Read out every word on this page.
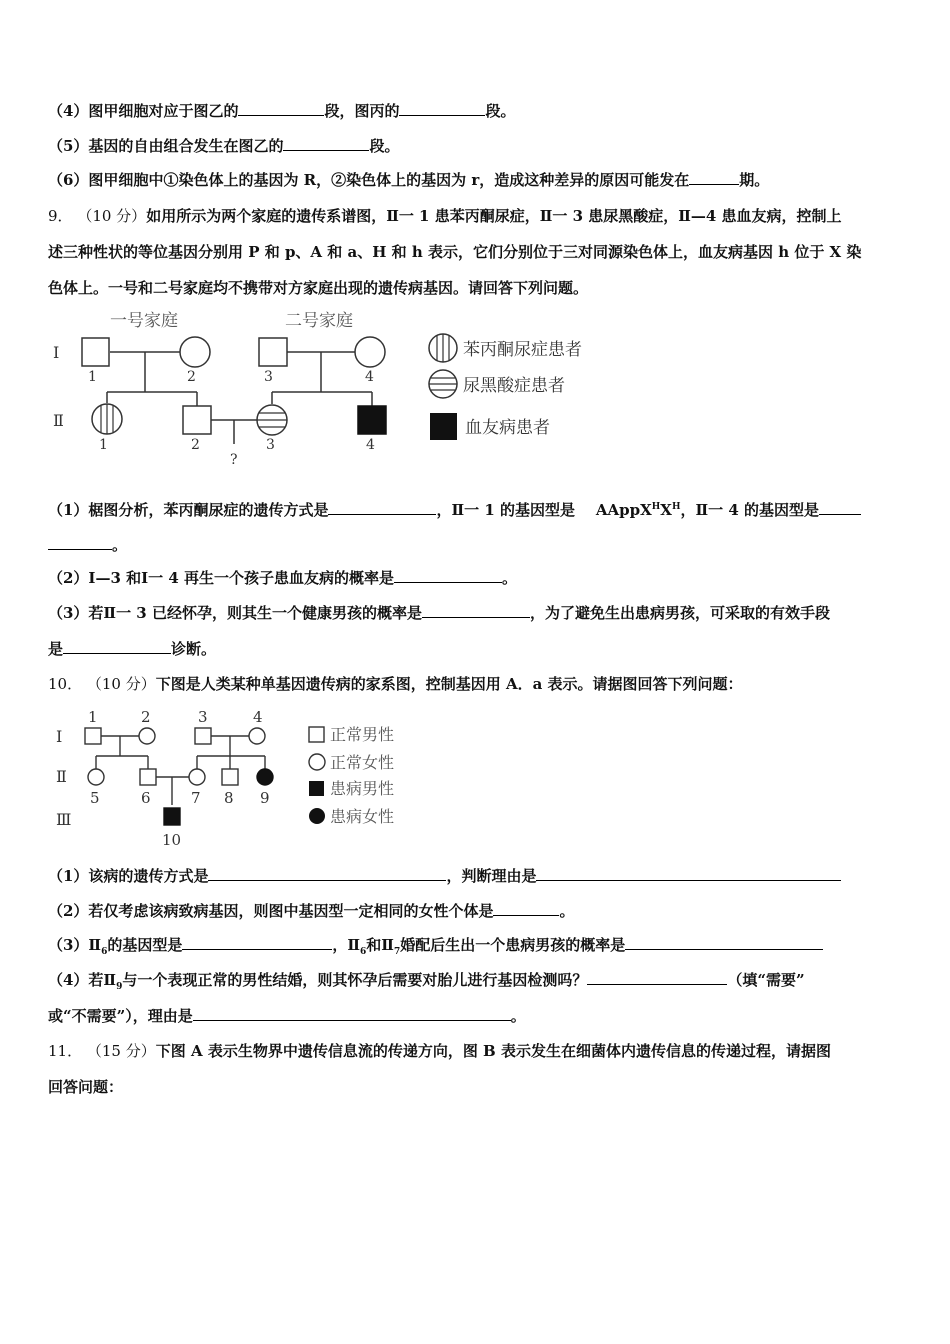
（4）图甲细胞对应于图乙的	段，图丙的	段。
（5）基因的自由组合发生在图乙的	段。
（6）图甲细胞中①染色体上的基因为 R，②染色体上的基因为 r，造成这种差异的原因可能发在	期。
9． （10 分）如用所示为两个家庭的遗传系谱图，Ⅱ一 1 患苯丙酮尿症，Ⅱ一 3 患尿黑酸症，Ⅱ—4 患血友病，控制上
述三种性状的等位基因分别用 P 和 p、A 和 a、H 和 h 表示，它们分别位于三对同源染色体上，血友病基因 h 位于 X 染
色体上。一号和二号家庭均不携带对方家庭出现的遗传病基因。请回答下列问题。
一号家庭	二号家庭
Ⅰ
Ⅱ
1	2
1	2
?
3	4
3	4
苯丙酮尿症患者
尿黑酸症患者
血友病患者
（1）椐图分析，苯丙酮尿症的遗传方式是	，Ⅱ一 1 的基因型是 $AAppX^HX^H$，Ⅱ一 4 的基因型是
。
（2）Ⅰ—3 和Ⅰ一 4 再生一个孩子患血友病的概率是	。
（3）若Ⅱ一 3 已经怀孕，则其生一个健康男孩的概率是	，为了避免生出患病男孩，可采取的有效手段
是	诊断。
10． （10 分）下图是人类某种单基因遗传病的家系图，控制基因用 A．a 表示。请据图回答下列问题：
Ⅰ
Ⅱ
Ⅲ
1	2	3	4
5	6	7 8 9
10
正常男性
正常女性
患病男性
患病女性
（1）该病的遗传方式是	，判断理由是
（2）若仅考虑该病致病基因，则图中基因型一定相同的女性个体是	。
$(3)Ⅱ_6$的基因型是	，$Ⅱ_6$和$Ⅱ_7$婚配后生出一个患病男孩的概率是
（4）若$Ⅱ_9$与一个表现正常的男性结婚，则其怀孕后需要对胎儿进行基因检测吗？	（填“需要”
或“不需要”），理由是	。
11． （15 分）下图 A 表示生物界中遗传信息流的传递方向，图 B 表示发生在细菌体内遗传信息的传递过程，请据图
回答问题：
